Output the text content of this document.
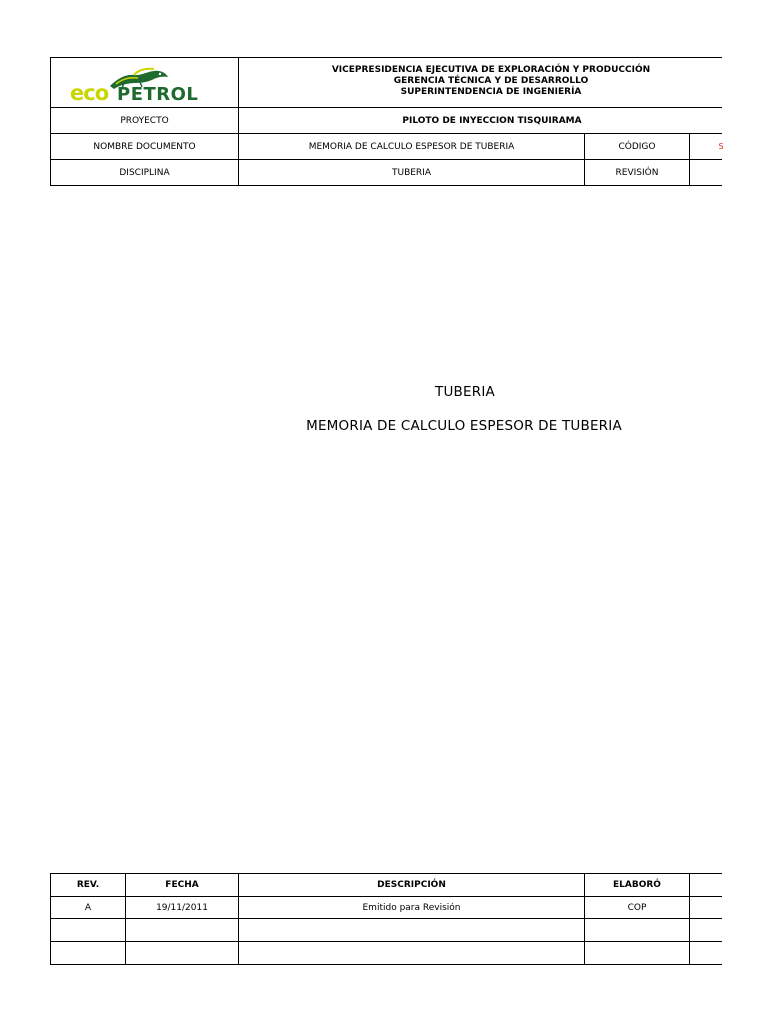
eco PETROL
VICEPRESIDENCIA EJECUTIVA DE EXPLORACIÓN Y PRODUCCIÓN
GERENCIA TÉCNICA Y DE DESARROLLO
SUPERINTENDENCIA DE INGENIERÍA
PROYECTO	PILOTO DE INYECCION TISQUIRAMA
NOMBRE DOCUMENTO	MEMORIA DE CALCULO ESPESOR DE TUBERIA	CÓDIGO	S
DISCIPLINA	TUBERIA	REVISIÓN
TUBERIA
MEMORIA DE CALCULO ESPESOR DE TUBERIA
REV.	FECHA	DESCRIPCIÓN	ELABORÓ
A	19/11/2011	Emitido para Revisión	COP
